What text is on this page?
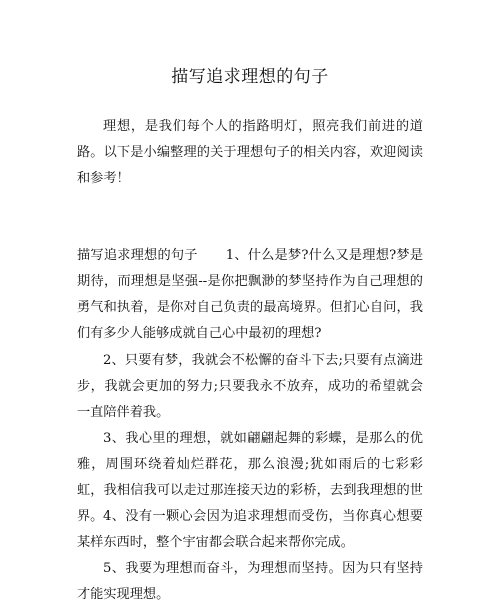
描写追求理想的句子

理想，是我们每个人的指路明灯，照亮我们前进的道路。以下是小编整理的关于理想句子的相关内容，欢迎阅读和参考！

描写追求理想的句子 1、什么是梦?什么又是理想?梦是期待，而理想是坚强--是你把飘渺的梦坚持作为自己理想的勇气和执着，是你对自己负责的最高境界。但扪心自问，我们有多少人能够成就自己心中最初的理想?

2、只要有梦，我就会不松懈的奋斗下去;只要有点滴进步，我就会更加的努力;只要我永不放弃，成功的希望就会一直陪伴着我。

3、我心里的理想，就如翩翩起舞的彩蝶，是那么的优雅，周围环绕着灿烂群花，那么浪漫;犹如雨后的七彩彩虹，我相信我可以走过那连接天边的彩桥，去到我理想的世界。 4、没有一颗心会因为追求理想而受伤，当你真心想要某样东西时，整个宇宙都会联合起来帮你完成。

5、我要为理想而奋斗，为理想而坚持。因为只有坚持才能实现理想。
